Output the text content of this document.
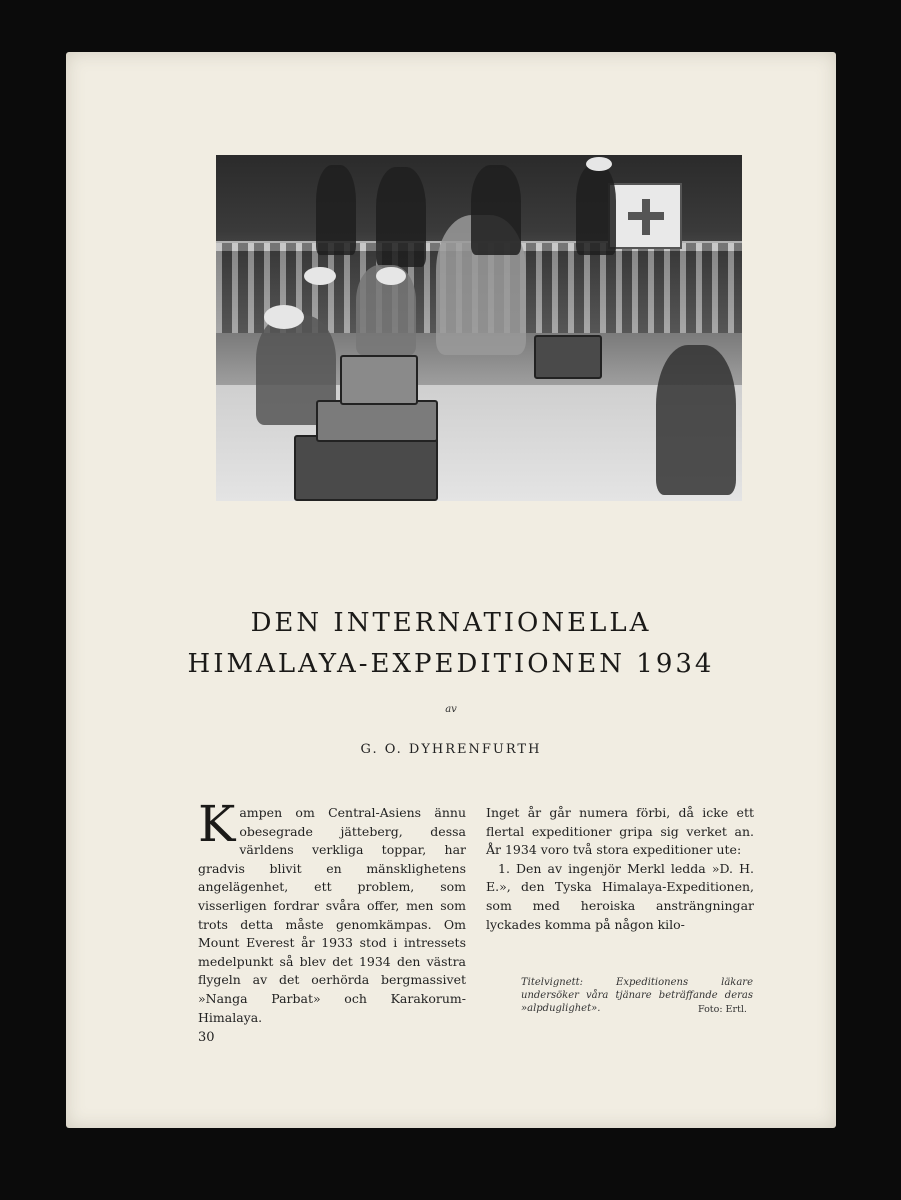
DEN INTERNATIONELLA
HIMALAYA-EXPEDITIONEN 1934
av
G. O. DYHRENFURTH
Kampen om Central-Asiens ännu obesegrade jätteberg, dessa världens verkliga toppar, har gradvis blivit en mänsklighetens angelägenhet, ett problem, som visserligen fordrar svåra offer, men som trots detta måste genomkämpas. Om Mount Everest år 1933 stod i intressets medelpunkt så blev det 1934 den västra flygeln av det oerhörda bergmassivet »Nanga Parbat» och Karakorum-Himalaya.
Inget år går numera förbi, då icke ett flertal expeditioner gripa sig verket an. År 1934 voro två stora expeditioner ute:
1. Den av ingenjör Merkl ledda »D. H. E.», den Tyska Himalaya-Expeditionen, som med heroiska ansträngningar lyckades komma på någon kilo-
Titelvignett: Expeditionens läkare undersöker våra tjänare beträffande deras »alpduglighet».	Foto: Ertl.
30
